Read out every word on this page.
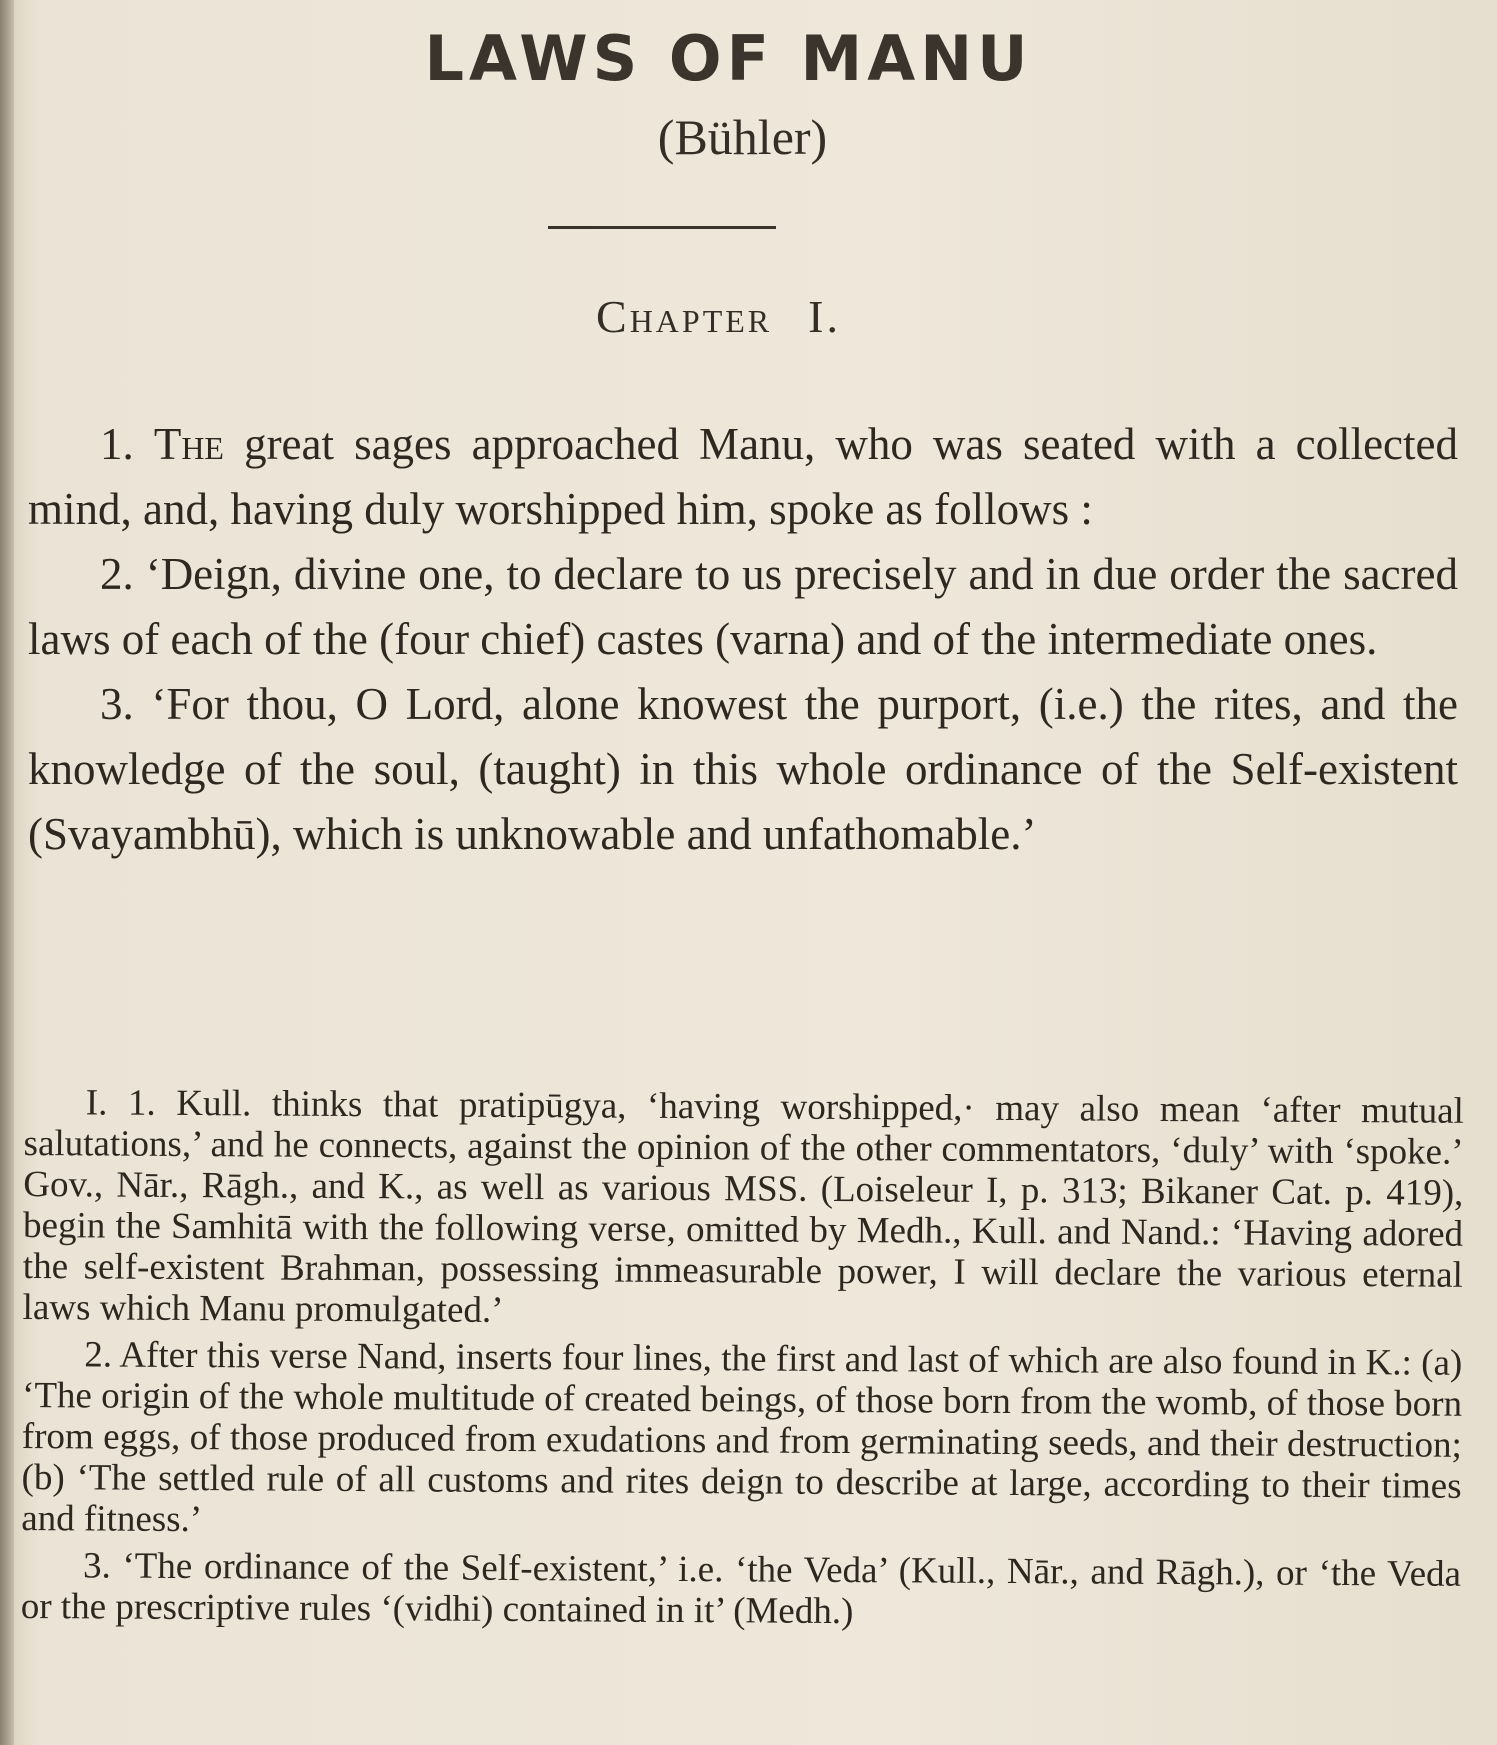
LAWS OF MANU
(Bühler)
Chapter I.

1. The great sages approached Manu, who was seated with a collected mind, and, having duly worshipped him, spoke as follows :

2. ‘Deign, divine one, to declare to us precisely and in due order the sacred laws of each of the (four chief) castes (varna) and of the intermediate ones.

3. ‘For thou, O Lord, alone knowest the purport, (i.e.) the rites, and the knowledge of the soul, (taught) in this whole ordinance of the Self-existent (Svayambhū), which is unknowable and unfathomable.’

I. 1. Kull. thinks that pratipūgya, ‘having worshipped,· may also mean ‘after mutual salutations,’ and he connects, against the opinion of the other commentators, ‘duly’ with ‘spoke.’ Gov., Nār., Rāgh., and K., as well as various MSS. (Loiseleur I, p. 313; Bikaner Cat. p. 419), begin the Samhitā with the following verse, omitted by Medh., Kull. and Nand.: ‘Having adored the self-existent Brahman, possessing immeasurable power, I will declare the various eternal laws which Manu promulgated.’

2. After this verse Nand, inserts four lines, the first and last of which are also found in K.: (a) ‘The origin of the whole multitude of created beings, of those born from the womb, of those born from eggs, of those produced from exudations and from germinating seeds, and their destruction; (b) ‘The settled rule of all customs and rites deign to describe at large, according to their times and fitness.’

3. ‘The ordinance of the Self-existent,’ i.e. ‘the Veda’ (Kull., Nār., and Rāgh.), or ‘the Veda or the prescriptive rules ‘(vidhi) contained in it’ (Medh.)
